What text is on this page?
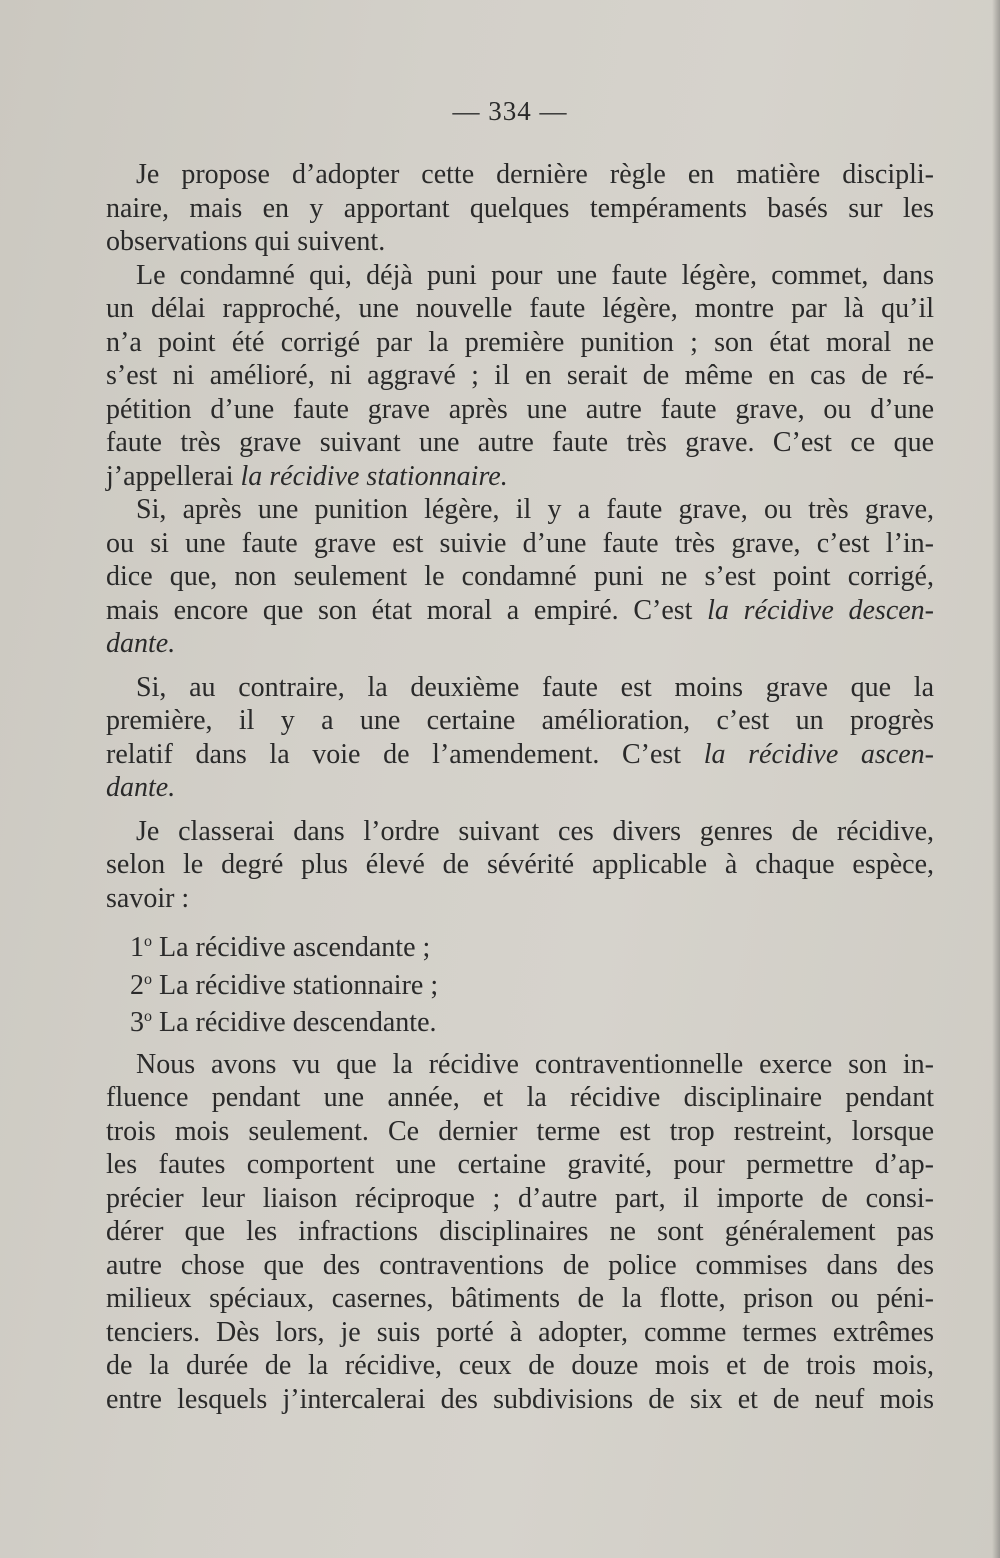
— 334 —
Je propose d’adopter cette dernière règle en matière discipli-
naire, mais en y apportant quelques tempéraments basés sur les
observations qui suivent.
Le condamné qui, déjà puni pour une faute légère, commet, dans
un délai rapproché, une nouvelle faute légère, montre par là qu’il
n’a point été corrigé par la première punition ; son état moral ne
s’est ni amélioré, ni aggravé ; il en serait de même en cas de ré-
pétition d’une faute grave après une autre faute grave, ou d’une
faute très grave suivant une autre faute très grave. C’est ce que
j’appellerai la récidive stationnaire.
Si, après une punition légère, il y a faute grave, ou très grave,
ou si une faute grave est suivie d’une faute très grave, c’est l’in-
dice que, non seulement le condamné puni ne s’est point corrigé,
mais encore que son état moral a empiré. C’est la récidive descen-
dante.
Si, au contraire, la deuxième faute est moins grave que la
première, il y a une certaine amélioration, c’est un progrès
relatif dans la voie de l’amendement. C’est la récidive ascen-
dante.
Je classerai dans l’ordre suivant ces divers genres de récidive,
selon le degré plus élevé de sévérité applicable à chaque espèce,
savoir :
1$^o$ La récidive ascendante ;
2$^o$ La récidive stationnaire ;
3$^o$ La récidive descendante.
Nous avons vu que la récidive contraventionnelle exerce son in-
fluence pendant une année, et la récidive disciplinaire pendant
trois mois seulement. Ce dernier terme est trop restreint, lorsque
les fautes comportent une certaine gravité, pour permettre d’ap-
précier leur liaison réciproque ; d’autre part, il importe de consi-
dérer que les infractions disciplinaires ne sont généralement pas
autre chose que des contraventions de police commises dans des
milieux spéciaux, casernes, bâtiments de la flotte, prison ou péni-
tenciers. Dès lors, je suis porté à adopter, comme termes extrêmes
de la durée de la récidive, ceux de douze mois et de trois mois,
entre lesquels j’intercalerai des subdivisions de six et de neuf mois
